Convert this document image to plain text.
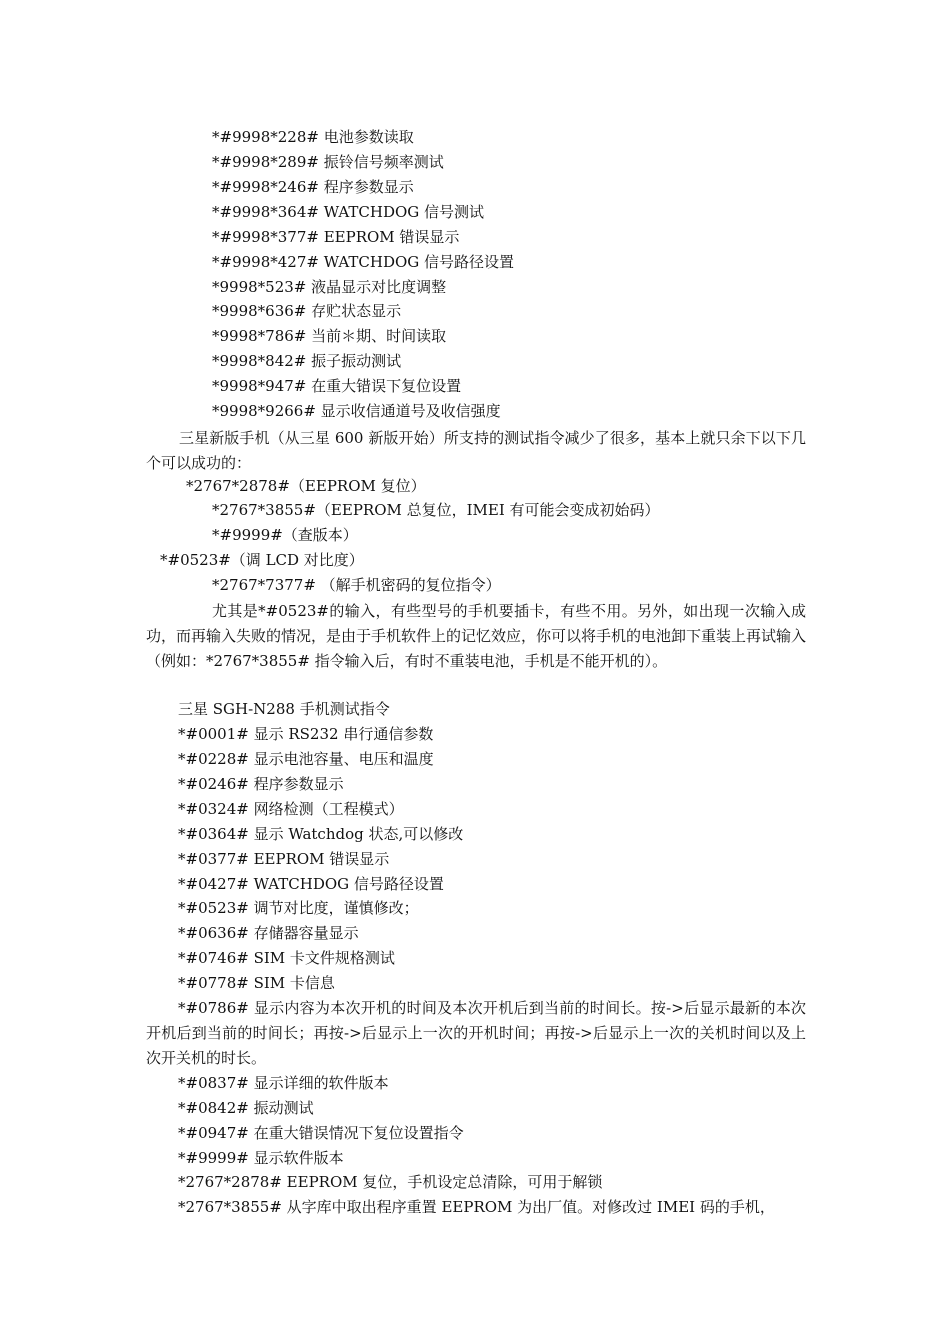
*#9998*228# 电池参数读取
*#9998*289# 振铃信号频率测试
*#9998*246# 程序参数显示
*#9998*364# WATCHDOG 信号测试
*#9998*377# EEPROM 错误显示
*#9998*427# WATCHDOG 信号路径设置
*9998*523# 液晶显示对比度调整
*9998*636# 存贮状态显示
*9998*786# 当前＊期、时间读取
*9998*842# 振子振动测试
*9998*947# 在重大错误下复位设置
*9998*9266# 显示收信通道号及收信强度
三星新版手机（从三星 600 新版开始）所支持的测试指令减少了很多，基本上就只余下以下几个可以成功的：
*2767*2878#（EEPROM 复位）
*2767*3855#（EEPROM 总复位，IMEI 有可能会变成初始码）
*#9999#（查版本）
*#0523#（调 LCD 对比度）
*2767*7377# （解手机密码的复位指令）
尤其是*#0523#的输入，有些型号的手机要插卡，有些不用。另外，如出现一次输入成功，而再输入失败的情况，是由于手机软件上的记忆效应，你可以将手机的电池卸下重装上再试输入（例如：*2767*3855# 指令输入后，有时不重装电池，手机是不能开机的）。
三星 SGH-N288 手机测试指令
*#0001# 显示 RS232 串行通信参数
*#0228# 显示电池容量、电压和温度
*#0246# 程序参数显示
*#0324# 网络检测（工程模式）
*#0364# 显示 Watchdog 状态,可以修改
*#0377# EEPROM 错误显示
*#0427# WATCHDOG 信号路径设置
*#0523# 调节对比度，谨慎修改；
*#0636# 存储器容量显示
*#0746# SIM 卡文件规格测试
*#0778# SIM 卡信息
*#0786# 显示内容为本次开机的时间及本次开机后到当前的时间长。按->后显示最新的本次开机后到当前的时间长；再按->后显示上一次的开机时间；再按->后显示上一次的关机时间以及上次开关机的时长。
*#0837# 显示详细的软件版本
*#0842# 振动测试
*#0947# 在重大错误情况下复位设置指令
*#9999# 显示软件版本
*2767*2878# EEPROM 复位，手机设定总清除，可用于解锁
*2767*3855# 从字库中取出程序重置 EEPROM 为出厂值。对修改过 IMEI 码的手机，
